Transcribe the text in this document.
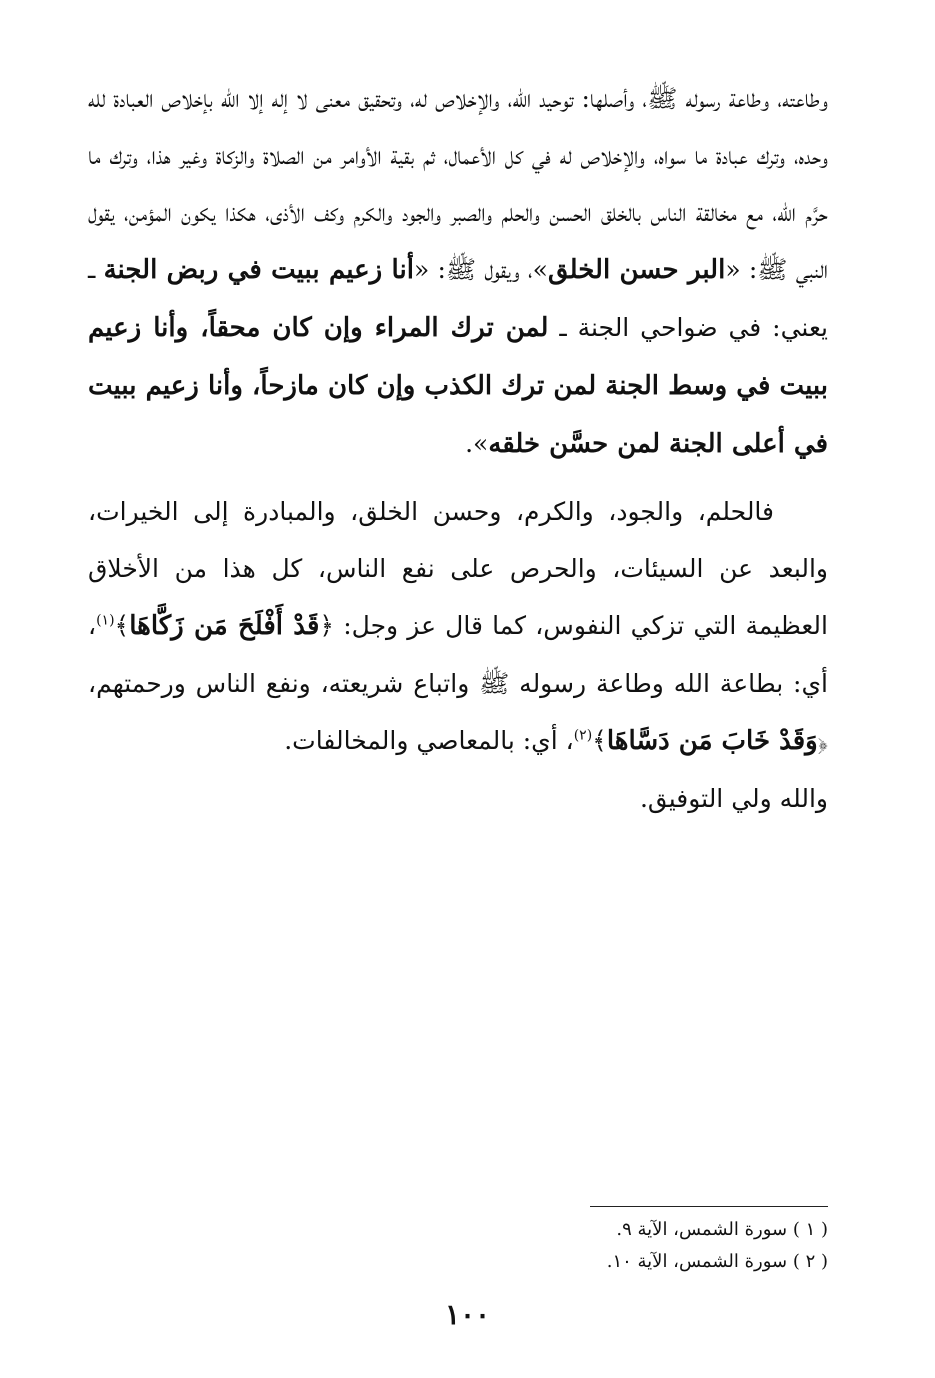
وطاعته، وطاعة رسوله ﷺ، وأصلها: توحيد الله، والإخلاص له، وتحقيق معنى لا إله إلا الله بإخلاص العبادة لله وحده، وترك عبادة ما سواه، والإخلاص له في كل الأعمال، ثم بقية الأوامر من الصلاة والزكاة وغير هذا، وترك ما حرَّم الله، مع مخالقة الناس بالخلق الحسن والحلم والصبر والجود والكرم وكف الأذى، هكذا يكون المؤمن، يقول النبي ﷺ: «البر حسن الخلق»، ويقول ﷺ: «أنا زعيم ببيت في ربض الجنة ـ يعني: في ضواحي الجنة ـ لمن ترك المراء وإن كان محقاً، وأنا زعيم ببيت في وسط الجنة لمن ترك الكذب وإن كان مازحاً، وأنا زعيم ببيت في أعلى الجنة لمن حسَّن خلقه».

فالحلم، والجود، والكرم، وحسن الخلق، والمبادرة إلى الخيرات، والبعد عن السيئات، والحرص على نفع الناس، كل هذا من الأخلاق العظيمة التي تزكي النفوس، كما قال عز وجل: ﴿قَدْ أَفْلَحَ مَن زَكَّاهَا﴾$^{(١)}$، أي: بطاعة الله وطاعة رسوله ﷺ واتباع شريعته، ونفع الناس ورحمتهم، ﴿وَقَدْ خَابَ مَن دَسَّاهَا﴾$^{(٢)}$، أي: بالمعاصي والمخالفات.

والله ولي التوفيق.

( ١ ) سورة الشمس، الآية ٩.
( ٢ ) سورة الشمس، الآية ١٠.
١٠٠
